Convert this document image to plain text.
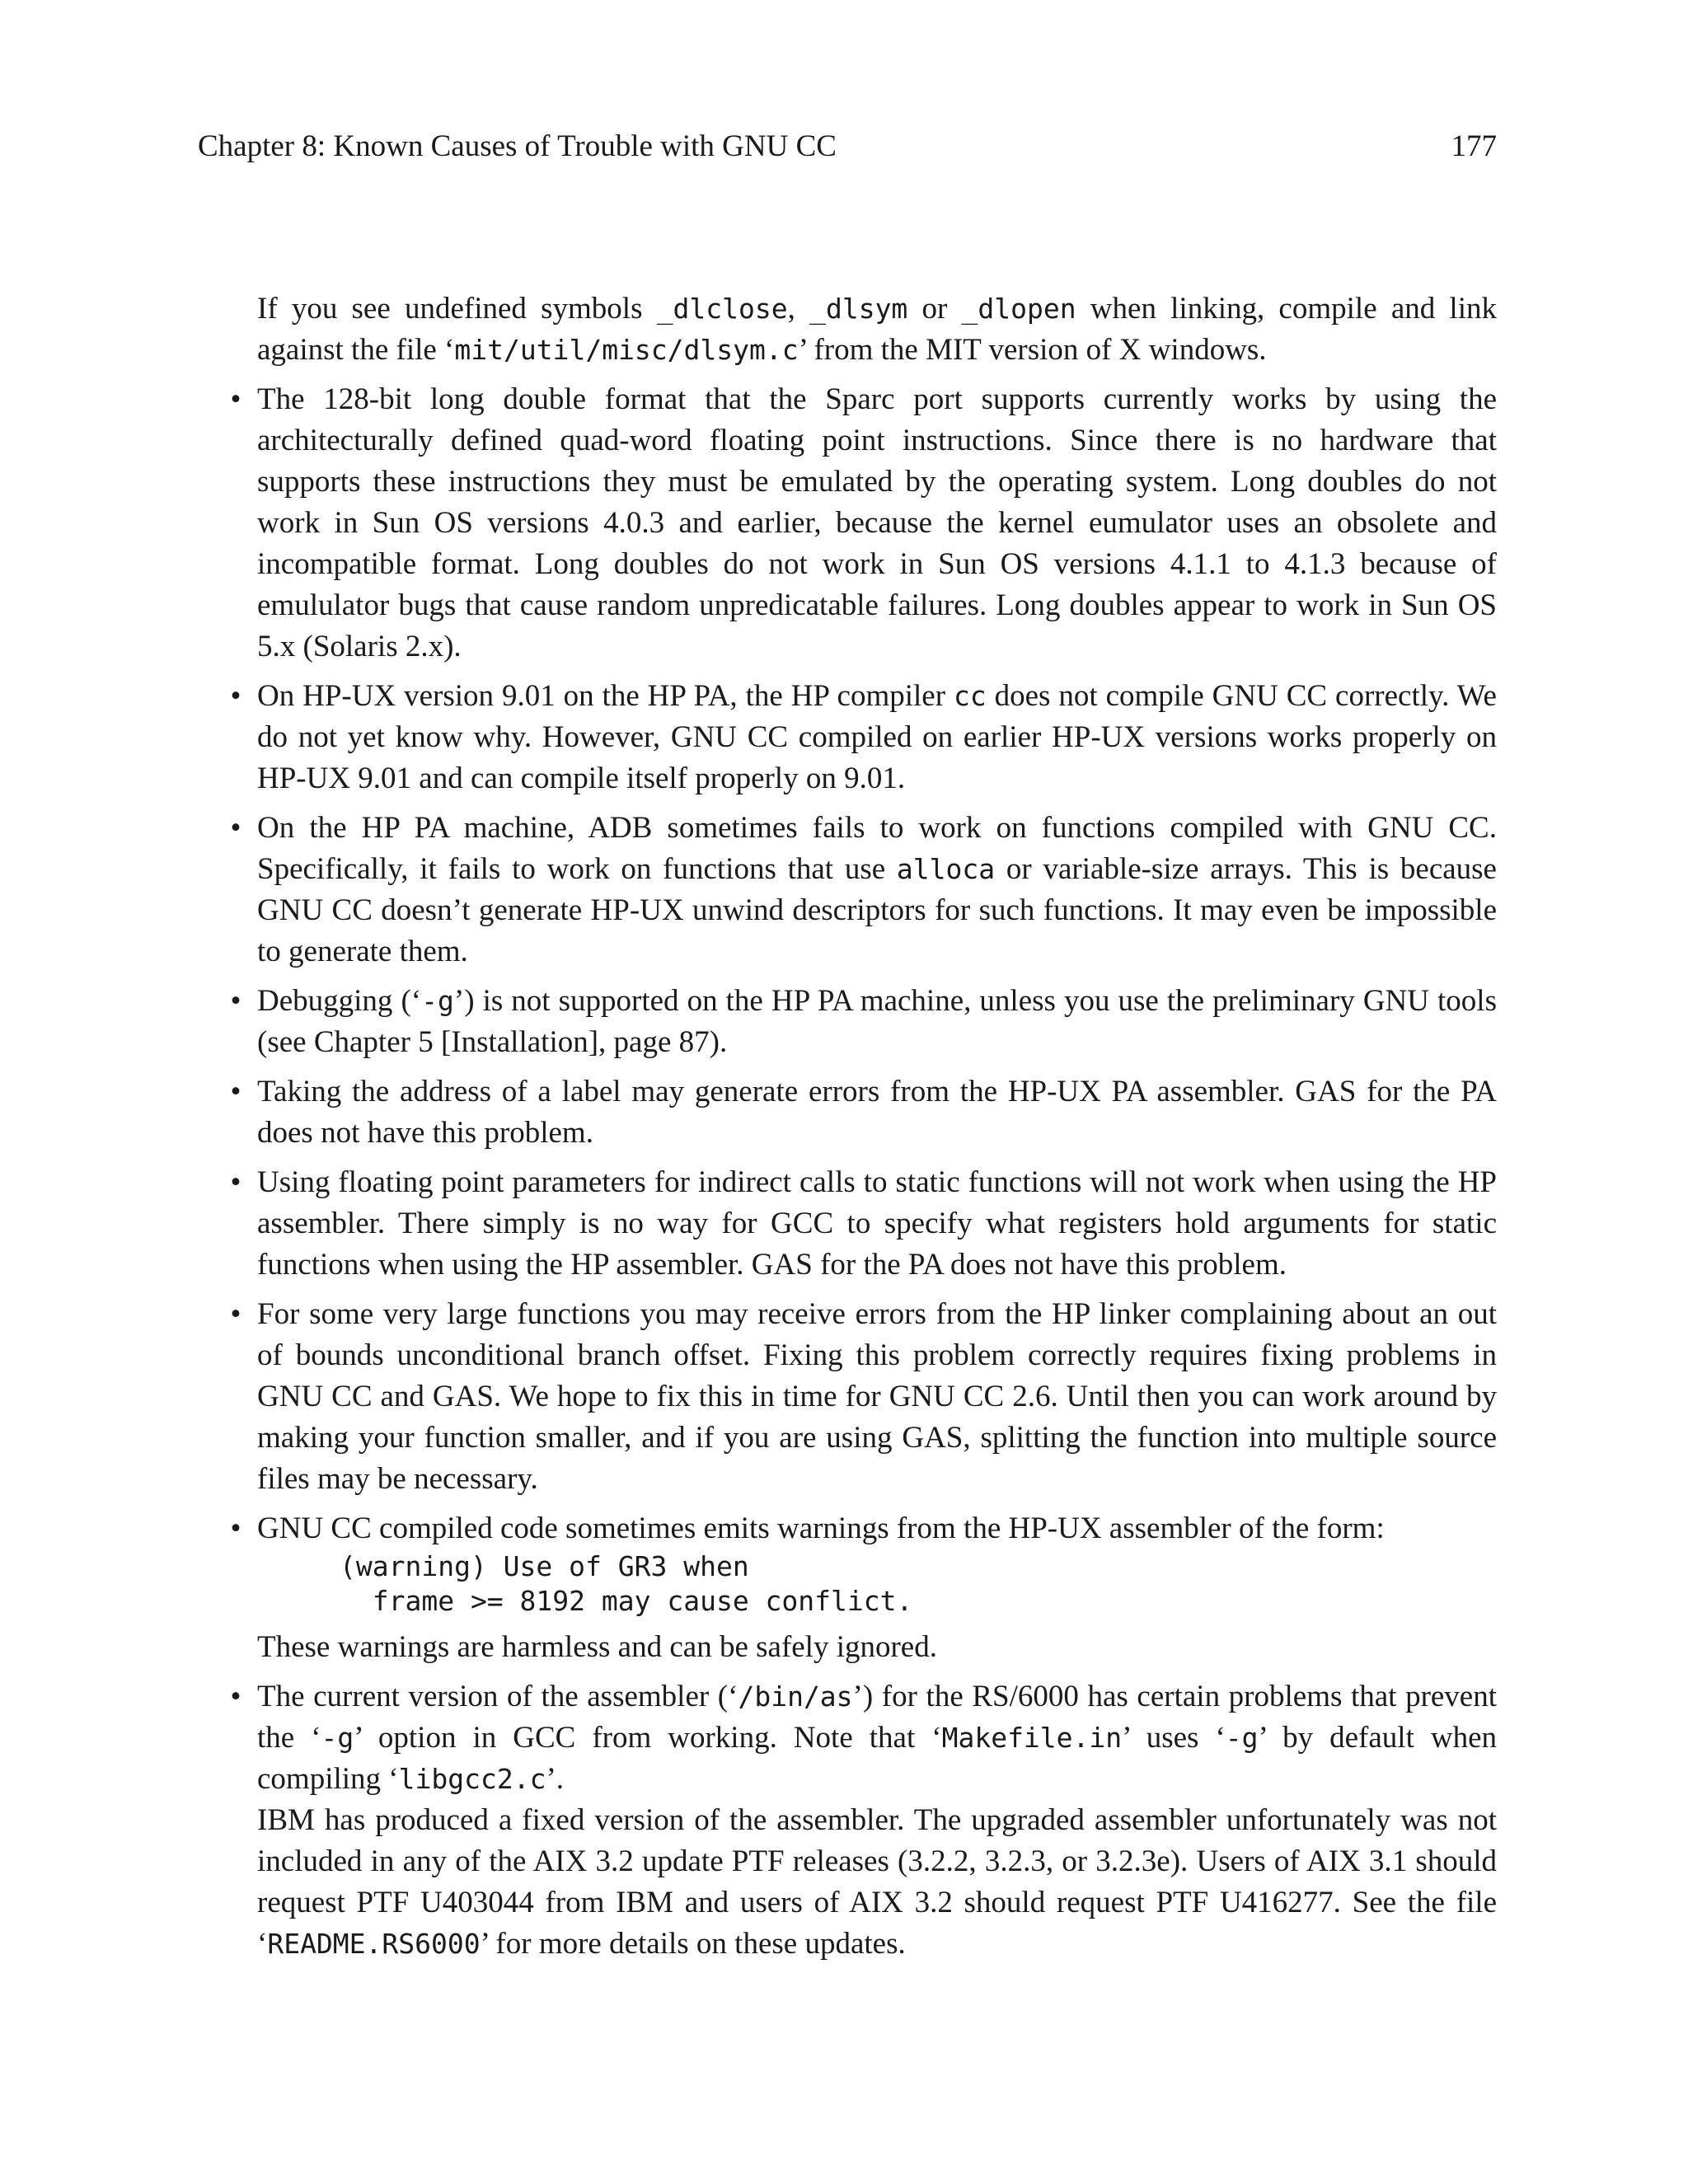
Chapter 8: Known Causes of Trouble with GNU CC	177

If you see undefined symbols _dlclose, _dlsym or _dlopen when linking, compile and link against the file ‘mit/util/misc/dlsym.c’ from the MIT version of X windows.

• The 128-bit long double format that the Sparc port supports currently works by using the architecturally defined quad-word floating point instructions. Since there is no hardware that supports these instructions they must be emulated by the operating system. Long doubles do not work in Sun OS versions 4.0.3 and earlier, because the kernel eumulator uses an obsolete and incompatible format. Long doubles do not work in Sun OS versions 4.1.1 to 4.1.3 because of emululator bugs that cause random unpredicatable failures. Long doubles appear to work in Sun OS 5.x (Solaris 2.x).

• On HP-UX version 9.01 on the HP PA, the HP compiler cc does not compile GNU CC correctly. We do not yet know why. However, GNU CC compiled on earlier HP-UX versions works properly on HP-UX 9.01 and can compile itself properly on 9.01.

• On the HP PA machine, ADB sometimes fails to work on functions compiled with GNU CC. Specifically, it fails to work on functions that use alloca or variable-size arrays. This is because GNU CC doesn’t generate HP-UX unwind descriptors for such functions. It may even be impossible to generate them.

• Debugging (‘-g’) is not supported on the HP PA machine, unless you use the preliminary GNU tools (see Chapter 5 [Installation], page 87).

• Taking the address of a label may generate errors from the HP-UX PA assembler. GAS for the PA does not have this problem.

• Using floating point parameters for indirect calls to static functions will not work when using the HP assembler. There simply is no way for GCC to specify what registers hold arguments for static functions when using the HP assembler. GAS for the PA does not have this problem.

• For some very large functions you may receive errors from the HP linker complaining about an out of bounds unconditional branch offset. Fixing this problem correctly requires fixing problems in GNU CC and GAS. We hope to fix this in time for GNU CC 2.6. Until then you can work around by making your function smaller, and if you are using GAS, splitting the function into multiple source files may be necessary.

• GNU CC compiled code sometimes emits warnings from the HP-UX assembler of the form:

(warning) Use of GR3 when
frame >= 8192 may cause conflict.

These warnings are harmless and can be safely ignored.

• The current version of the assembler (‘/bin/as’) for the RS/6000 has certain problems that prevent the ‘-g’ option in GCC from working. Note that ‘Makefile.in’ uses ‘-g’ by default when compiling ‘libgcc2.c’.

IBM has produced a fixed version of the assembler. The upgraded assembler unfortunately was not included in any of the AIX 3.2 update PTF releases (3.2.2, 3.2.3, or 3.2.3e). Users of AIX 3.1 should request PTF U403044 from IBM and users of AIX 3.2 should request PTF U416277. See the file ‘README.RS6000’ for more details on these updates.
